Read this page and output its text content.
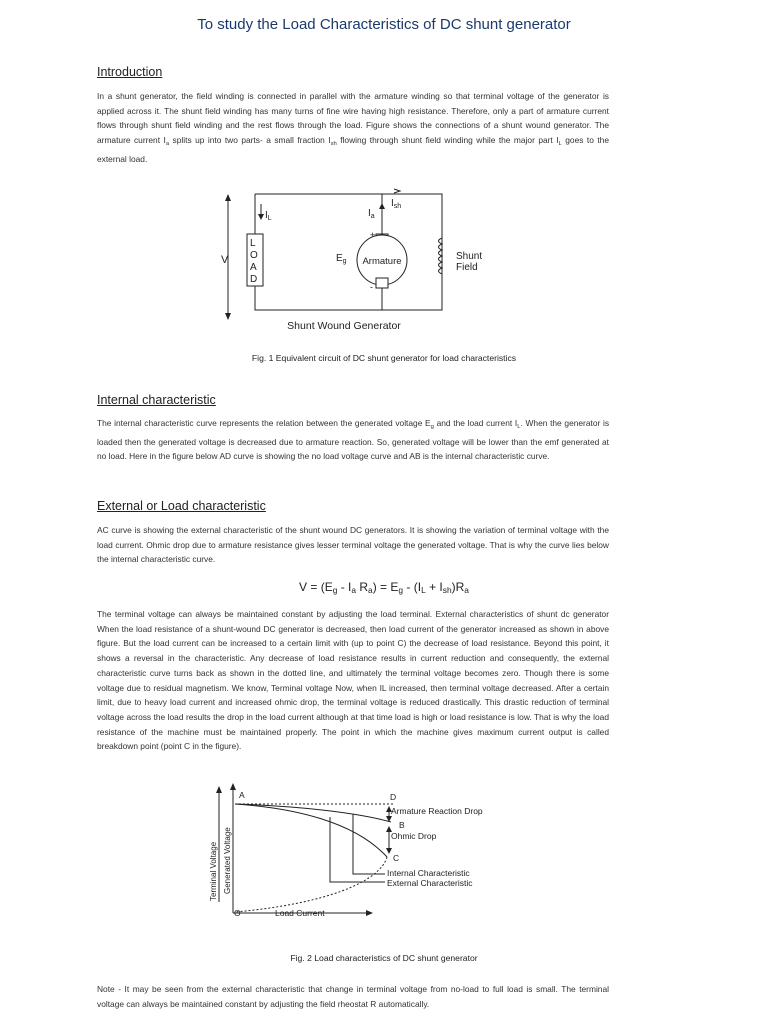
To study the Load Characteristics of DC shunt generator
Introduction
In a shunt generator, the field winding is connected in parallel with the armature winding so that terminal voltage of the generator is applied across it. The shunt field winding has many turns of fine wire having high resistance. Therefore, only a part of armature current flows through shunt field winding and the rest flows through the load. Figure shows the connections of a shunt wound generator. The armature current $I_a$ splits up into two parts- a small fraction $I_{sh}$ flowing through shunt field winding while the major part $I_L$ goes to the external load.
$I_L$	$I_a$
$I_{sh}$
V
L
O
A
D
+
-
$E_g$ Armature	Shunt
Field
Shunt Wound Generator
Fig. 1 Equivalent circuit of DC shunt generator for load characteristics
Internal characteristic
The internal characteristic curve represents the relation between the generated voltage $E_g$ and the load current $I_L$. When the generator is loaded then the generated voltage is decreased due to armature reaction. So, generated voltage will be lower than the emf generated at no load. Here in the figure below AD curve is showing the no load voltage curve and AB is the internal characteristic curve.
External or Load characteristic
AC curve is showing the external characteristic of the shunt wound DC generators. It is showing the variation of terminal voltage with the load current. Ohmic drop due to armature resistance gives lesser terminal voltage the generated voltage. That is why the curve lies below the internal characteristic curve.
$V = (E_g - I_a$ $R_a) = E_g - (I_L + I_{sh})R_a$
The terminal voltage can always be maintained constant by adjusting the load terminal. External characteristics of shunt dc generator When the load resistance of a shunt-wound DC generator is decreased, then load current of the generator increased as shown in above figure. But the load current can be increased to a certain limit with (up to point C) the decrease of load resistance. Beyond this point, it shows a reversal in the characteristic. Any decrease of load resistance results in current reduction and consequently, the external characteristic curve turns back as shown in the dotted line, and ultimately the terminal voltage becomes zero. Though there is some voltage due to residual magnetism. We know, Terminal voltage Now, when IL increased, then terminal voltage decreased. After a certain limit, due to heavy load current and increased ohmic drop, the terminal voltage is reduced drastically. This drastic reduction of terminal voltage across the load results the drop in the load current although at that time load is high or load resistance is low. That is why the load resistance of the machine must be maintained properly. The point in which the machine gives maximum current output is called breakdown point (point C in the figure).
A	D
B
C
O
Armature Reaction Drop
Ohmic Drop
Internal Characteristic
External Characteristic
Load Current
Terminal Voltage Generated Voltage
Fig. 2 Load characteristics of DC shunt generator
Note - It may be seen from the external characteristic that change in terminal voltage from no-load to full load is small. The terminal voltage can always be maintained constant by adjusting the field rheostat R automatically.
